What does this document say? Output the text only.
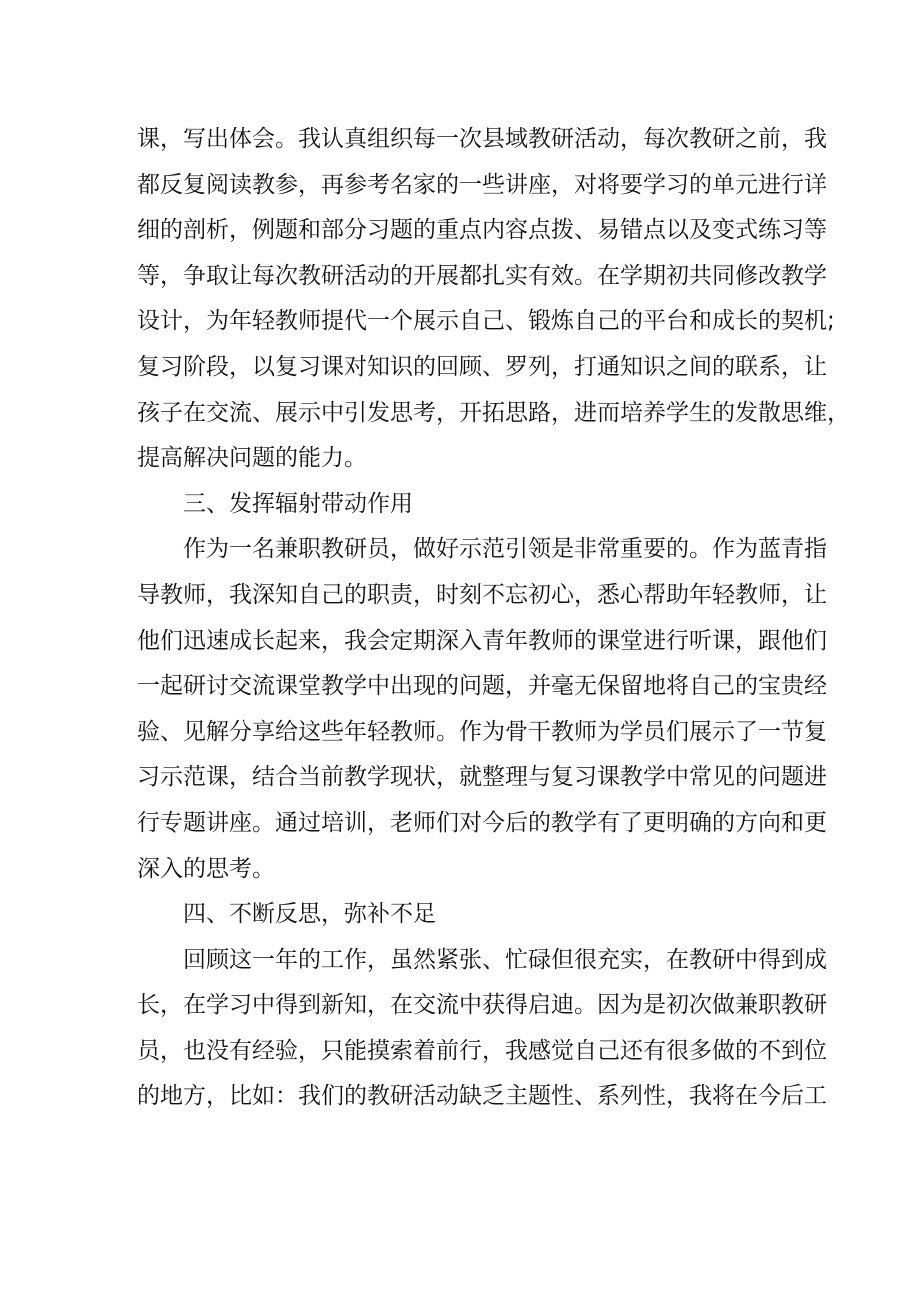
课，写出体会。我认真组织每一次县域教研活动，每次教研之前，我
都反复阅读教参，再参考名家的一些讲座，对将要学习的单元进行详
细的剖析，例题和部分习题的重点内容点拨、易错点以及变式练习等
等，争取让每次教研活动的开展都扎实有效。在学期初共同修改教学
设计，为年轻教师提代一个展示自己、锻炼自己的平台和成长的契机;
复习阶段，以复习课对知识的回顾、罗列，打通知识之间的联系，让
孩子在交流、展示中引发思考，开拓思路，进而培养学生的发散思维，
提高解决问题的能力。
三、发挥辐射带动作用
作为一名兼职教研员，做好示范引领是非常重要的。作为蓝青指
导教师，我深知自己的职责，时刻不忘初心，悉心帮助年轻教师，让
他们迅速成长起来，我会定期深入青年教师的课堂进行听课，跟他们
一起研讨交流课堂教学中出现的问题，并毫无保留地将自己的宝贵经
验、见解分享给这些年轻教师。作为骨干教师为学员们展示了一节复
习示范课，结合当前教学现状，就整理与复习课教学中常见的问题进
行专题讲座。通过培训，老师们对今后的教学有了更明确的方向和更
深入的思考。
四、不断反思，弥补不足
回顾这一年的工作，虽然紧张、忙碌但很充实，在教研中得到成
长，在学习中得到新知，在交流中获得启迪。因为是初次做兼职教研
员，也没有经验，只能摸索着前行，我感觉自己还有很多做的不到位
的地方，比如：我们的教研活动缺乏主题性、系列性，我将在今后工
